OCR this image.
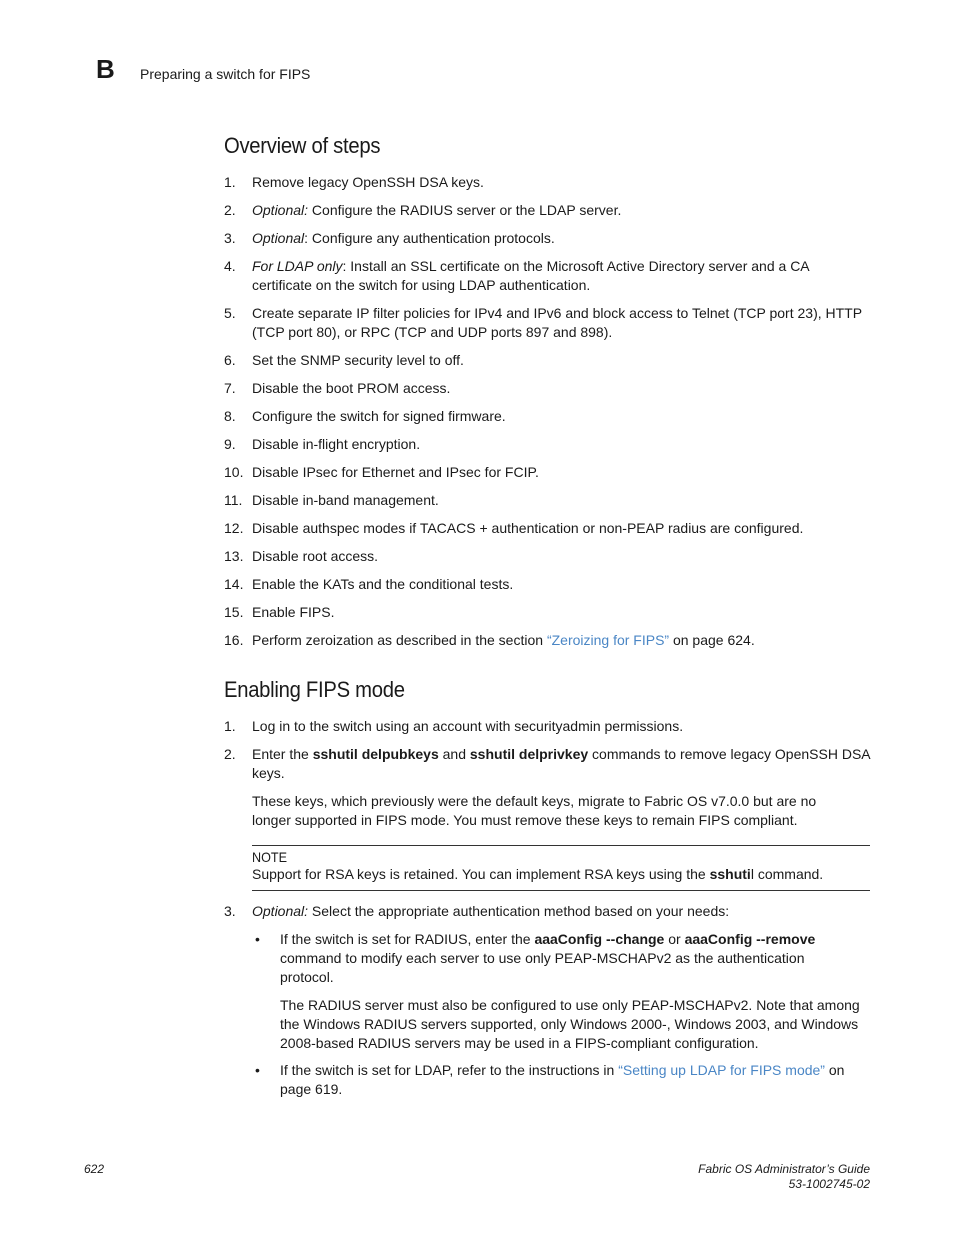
B Preparing a switch for FIPS
Overview of steps
1.	Remove legacy OpenSSH DSA keys.
2.	Optional: Configure the RADIUS server or the LDAP server.
3.	Optional: Configure any authentication protocols.
4.	For LDAP only: Install an SSL certificate on the Microsoft Active Directory server and a CA certificate on the switch for using LDAP authentication.
5.	Create separate IP filter policies for IPv4 and IPv6 and block access to Telnet (TCP port 23), HTTP (TCP port 80), or RPC (TCP and UDP ports 897 and 898).
6.	Set the SNMP security level to off.
7.	Disable the boot PROM access.
8.	Configure the switch for signed firmware.
9.	Disable in-flight encryption.
10. Disable IPsec for Ethernet and IPsec for FCIP.
11. Disable in-band management.
12. Disable authspec modes if TACACS + authentication or non-PEAP radius are configured.
13. Disable root access.
14. Enable the KATs and the conditional tests.
15. Enable FIPS.
16. Perform zeroization as described in the section “Zeroizing for FIPS” on page 624.
Enabling FIPS mode
1.	Log in to the switch using an account with securityadmin permissions.
2.	Enter the sshutil delpubkeys and sshutil delprivkey commands to remove legacy OpenSSH DSA keys.
These keys, which previously were the default keys, migrate to Fabric OS v7.0.0 but are no longer supported in FIPS mode. You must remove these keys to remain FIPS compliant.
NOTE
Support for RSA keys is retained. You can implement RSA keys using the sshutil command.
3.	Optional: Select the appropriate authentication method based on your needs:
• If the switch is set for RADIUS, enter the aaaConfig --change or aaaConfig --remove command to modify each server to use only PEAP-MSCHAPv2 as the authentication protocol.
The RADIUS server must also be configured to use only PEAP-MSCHAPv2. Note that among the Windows RADIUS servers supported, only Windows 2000-, Windows 2003, and Windows 2008-based RADIUS servers may be used in a FIPS-compliant configuration.
• If the switch is set for LDAP, refer to the instructions in “Setting up LDAP for FIPS mode” on page 619.
622	Fabric OS Administrator’s Guide
53-1002745-02
